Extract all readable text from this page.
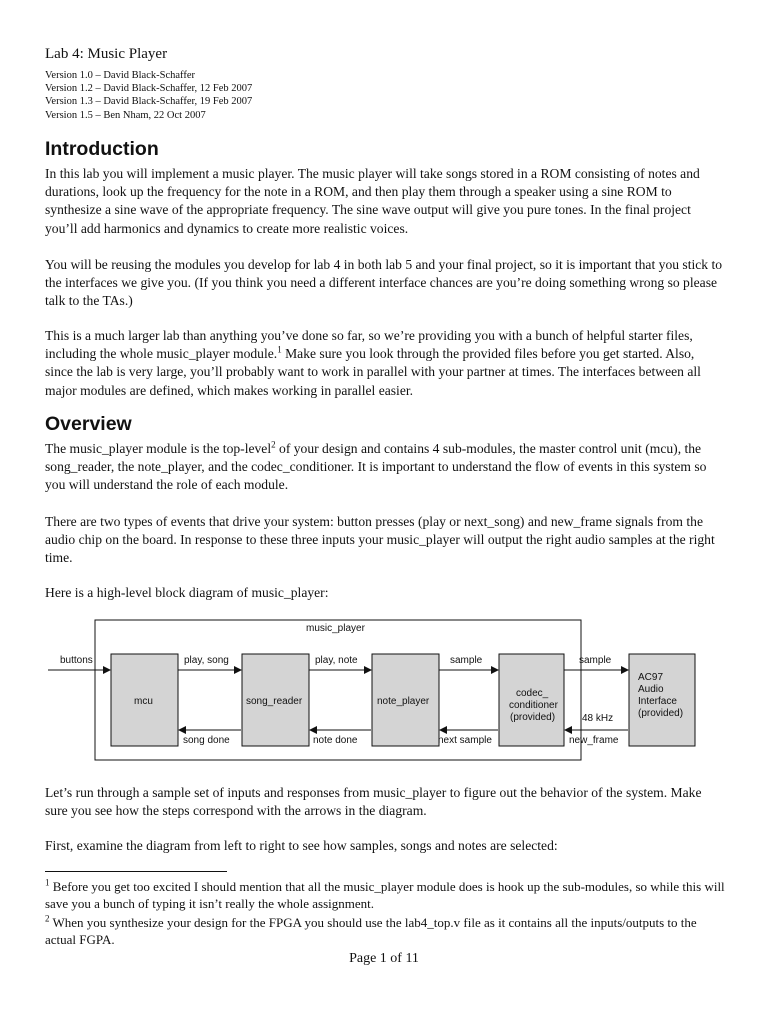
Lab 4: Music Player
Version 1.0 – David Black-Schaffer
Version 1.2 – David Black-Schaffer, 12 Feb 2007
Version 1.3 – David Black-Schaffer, 19 Feb 2007
Version 1.5 – Ben Nham, 22 Oct 2007
Introduction

In this lab you will implement a music player. The music player will take songs stored in a ROM consisting of notes and durations, look up the frequency for the note in a ROM, and then play them through a speaker using a sine ROM to synthesize a sine wave of the appropriate frequency. The sine wave output will give you pure tones. In the final project you’ll add harmonics and dynamics to create more realistic voices.

You will be reusing the modules you develop for lab 4 in both lab 5 and your final project, so it is important that you stick to the interfaces we give you. (If you think you need a different interface chances are you’re doing something wrong so please talk to the TAs.)

This is a much larger lab than anything you’ve done so far, so we’re providing you with a bunch of helpful starter files, including the whole music_player module.$^1$ Make sure you look through the provided files before you get started. Also, since the lab is very large, you’ll probably want to work in parallel with your partner at times. The interfaces between all major modules are defined, which makes working in parallel easier.

Overview

The music_player module is the top-level$^2$ of your design and contains 4 sub-modules, the master control unit (mcu), the song_reader, the note_player, and the codec_conditioner. It is important to understand the flow of events in this system so you will understand the role of each module.

There are two types of events that drive your system: button presses (play or next_song) and new_frame signals from the audio chip on the board. In response to these three inputs your music_player will output the right audio samples at the right time.

Here is a high-level block diagram of music_player:

music_player
mcu	song_reader	note_player
codec_
conditioner
(provided)
AC97
Audio
Interface
(provided)
buttons	play, song	play, note	sample	sample
song done	note done	next sample	new_frame
48 kHz

Let’s run through a sample set of inputs and responses from music_player to figure out the behavior of the system. Make sure you see how the steps correspond with the arrows in the diagram.

First, examine the diagram from left to right to see how samples, songs and notes are selected:

$^1$ Before you get too excited I should mention that all the music_player module does is hook up the sub-modules, so while this will save you a bunch of typing it isn’t really the whole assignment.

$^2$ When you synthesize your design for the FPGA you should use the lab4_top.v file as it contains all the inputs/outputs to the actual FGPA.

Page 1 of 11
